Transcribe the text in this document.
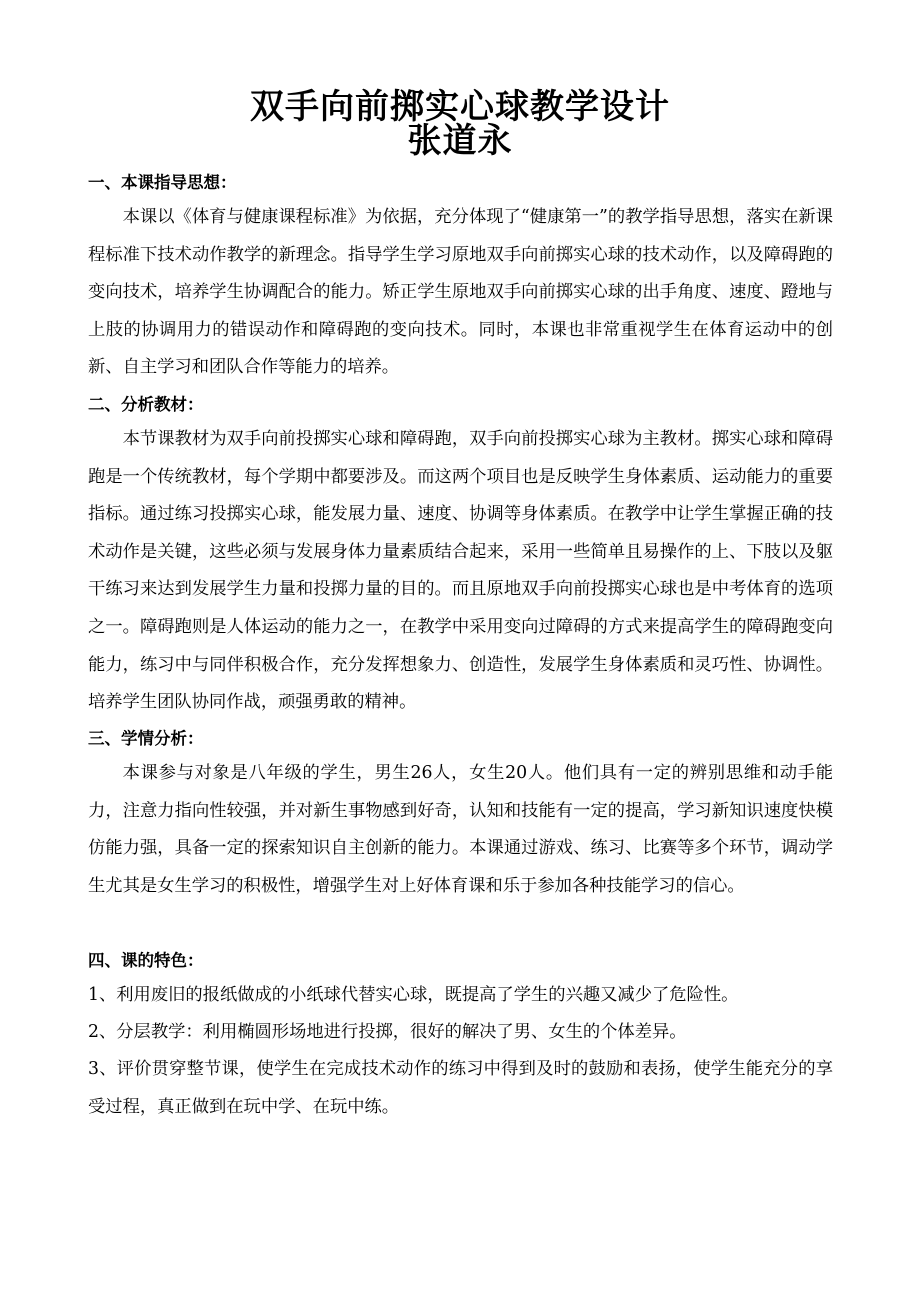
双手向前掷实心球教学设计
张道永
一、本课指导思想：

本课以《体育与健康课程标准》为依据，充分体现了“健康第一”的教学指导思想，落实在新课程标准下技术动作教学的新理念。指导学生学习原地双手向前掷实心球的技术动作，以及障碍跑的变向技术，培养学生协调配合的能力。矫正学生原地双手向前掷实心球的出手角度、速度、蹬地与上肢的协调用力的错误动作和障碍跑的变向技术。同时，本课也非常重视学生在体育运动中的创新、自主学习和团队合作等能力的培养。

二、分析教材：

本节课教材为双手向前投掷实心球和障碍跑，双手向前投掷实心球为主教材。掷实心球和障碍跑是一个传统教材，每个学期中都要涉及。而这两个项目也是反映学生身体素质、运动能力的重要指标。通过练习投掷实心球，能发展力量、速度、协调等身体素质。在教学中让学生掌握正确的技术动作是关键，这些必须与发展身体力量素质结合起来，采用一些简单且易操作的上、下肢以及躯干练习来达到发展学生力量和投掷力量的目的。而且原地双手向前投掷实心球也是中考体育的选项之一。障碍跑则是人体运动的能力之一，在教学中采用变向过障碍的方式来提高学生的障碍跑变向能力，练习中与同伴积极合作，充分发挥想象力、创造性，发展学生身体素质和灵巧性、协调性。培养学生团队协同作战，顽强勇敢的精神。

三、学情分析：

本课参与对象是八年级的学生，男生26人，女生20人。他们具有一定的辨别思维和动手能力，注意力指向性较强，并对新生事物感到好奇，认知和技能有一定的提高，学习新知识速度快模仿能力强，具备一定的探索知识自主创新的能力。本课通过游戏、练习、比赛等多个环节，调动学生尤其是女生学习的积极性，增强学生对上好体育课和乐于参加各种技能学习的信心。

四、课的特色：

1、利用废旧的报纸做成的小纸球代替实心球，既提高了学生的兴趣又减少了危险性。

2、分层教学：利用椭圆形场地进行投掷，很好的解决了男、女生的个体差异。

3、评价贯穿整节课，使学生在完成技术动作的练习中得到及时的鼓励和表扬，使学生能充分的享受过程，真正做到在玩中学、在玩中练。
